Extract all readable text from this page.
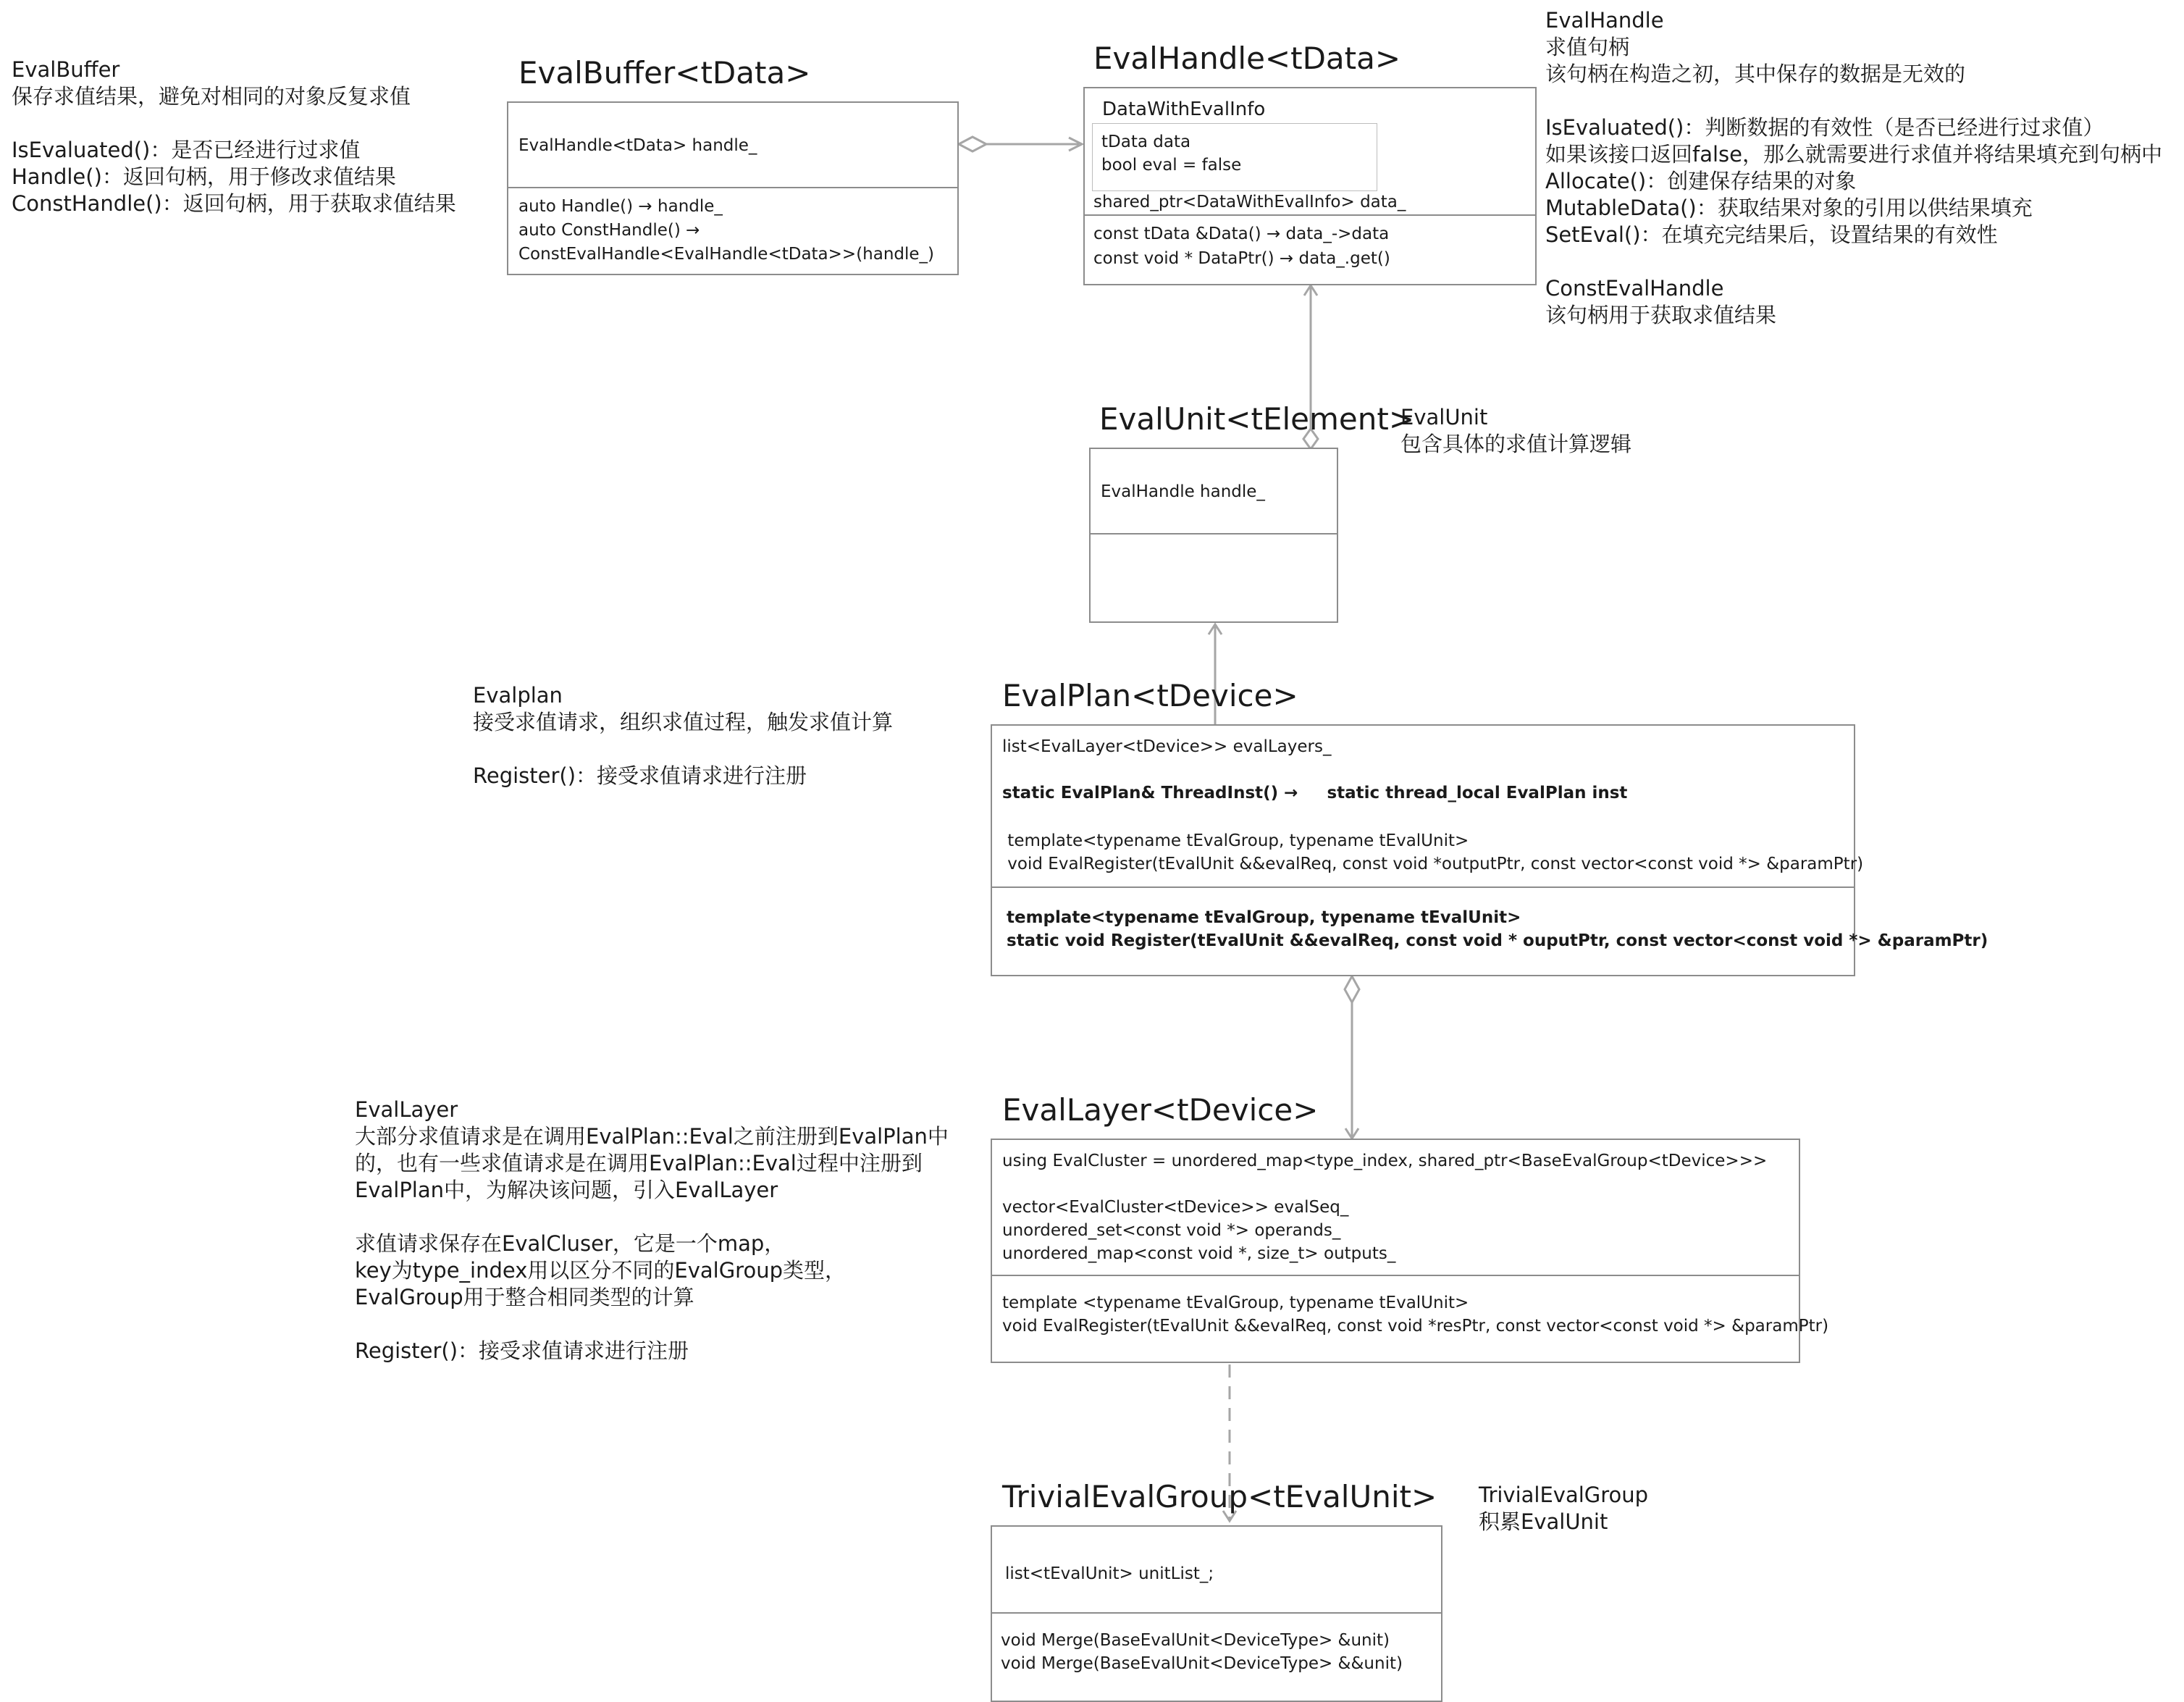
EvalBuffer
保存求值结果，避免对相同的对象反复求值

IsEvaluated()：是否已经进行过求值
Handle()：返回句柄，用于修改求值结果
ConstHandle()：返回句柄，用于获取求值结果
EvalHandle
求值句柄
该句柄在构造之初，其中保存的数据是无效的

IsEvaluated()：判断数据的有效性（是否已经进行过求值）
如果该接口返回false，那么就需要进行求值并将结果填充到句柄中
Allocate()：创建保存结果的对象
MutableData()：获取结果对象的引用以供结果填充
SetEval()：在填充完结果后，设置结果的有效性

ConstEvalHandle
该句柄用于获取求值结果
EvalUnit
包含具体的求值计算逻辑
Evalplan
接受求值请求，组织求值过程，触发求值计算

Register()：接受求值请求进行注册
EvalLayer
大部分求值请求是在调用EvalPlan::Eval之前注册到EvalPlan中
的，也有一些求值请求是在调用EvalPlan::Eval过程中注册到
EvalPlan中，为解决该问题，引入EvalLayer

求值请求保存在EvalCluser，它是一个map，
key为type_index用以区分不同的EvalGroup类型，
EvalGroup用于整合相同类型的计算

Register()：接受求值请求进行注册
TrivialEvalGroup
积累EvalUnit
EvalBuffer<tData>
EvalHandle<tData> handle_
auto Handle() → handle_
auto ConstHandle() →
ConstEvalHandle<EvalHandle<tData>>(handle_)
EvalHandle<tData>
DataWithEvalInfo
tData data
bool eval = false
shared_ptr<DataWithEvalInfo> data_
const tData &Data() → data_->data
const void * DataPtr() → data_.get()
EvalUnit<tElement>
EvalHandle handle_
EvalPlan<tDevice>
list<EvalLayer<tDevice>> evalLayers_
static EvalPlan& ThreadInst() →     static thread_local EvalPlan inst
template<typename tEvalGroup, typename tEvalUnit>
void EvalRegister(tEvalUnit &&evalReq, const void *outputPtr, const vector<const void *> &paramPtr)
template<typename tEvalGroup, typename tEvalUnit>
static void Register(tEvalUnit &&evalReq, const void * ouputPtr, const vector<const void *> &paramPtr)
EvalLayer<tDevice>
using EvalCluster = unordered_map<type_index, shared_ptr<BaseEvalGroup<tDevice>>>
vector<EvalCluster<tDevice>> evalSeq_
unordered_set<const void *> operands_
unordered_map<const void *, size_t> outputs_
template <typename tEvalGroup, typename tEvalUnit>
void EvalRegister(tEvalUnit &&evalReq, const void *resPtr, const vector<const void *> &paramPtr)
TrivialEvalGroup<tEvalUnit>
list<tEvalUnit> unitList_;
void Merge(BaseEvalUnit<DeviceType> &unit)
void Merge(BaseEvalUnit<DeviceType> &&unit)
